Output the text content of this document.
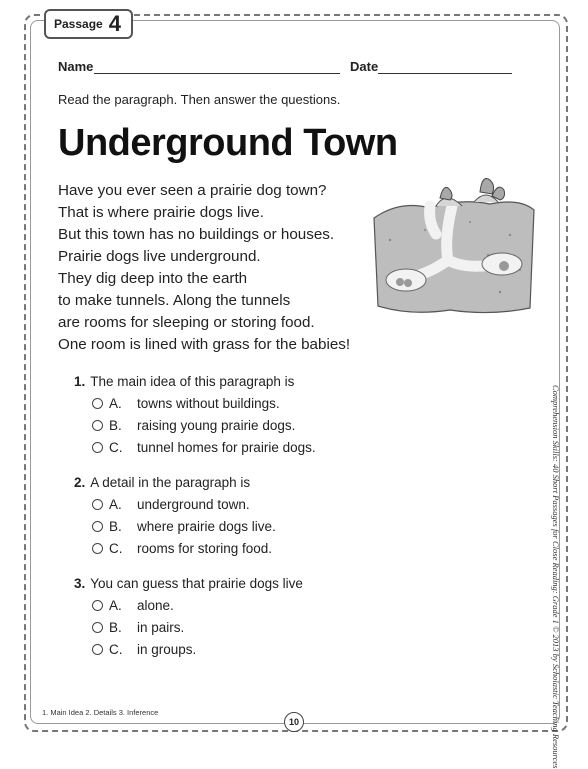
Passage 4
Name	Date
Read the paragraph. Then answer the questions.
Underground Town
Have you ever seen a prairie dog town?
That is where prairie dogs live.
But this town has no buildings or houses.
Prairie dogs live underground.
They dig deep into the earth
to make tunnels. Along the tunnels
are rooms for sleeping or storing food.
One room is lined with grass for the babies!
1. The main idea of this paragraph is
A.	towns without buildings.
B.	raising young prairie dogs.
C.	tunnel homes for prairie dogs.
2. A detail in the paragraph is
A.	underground town.
B.	where prairie dogs live.
C.	rooms for storing food.
3. You can guess that prairie dogs live
A.	alone.
B.	in pairs.
C.	in groups.	Comprehension Skills: 40 Short Passages for Close Reading: Grade 1 © 2013 by Scholastic Teaching Resources
1. Main Idea 2. Details 3. Inference
10
